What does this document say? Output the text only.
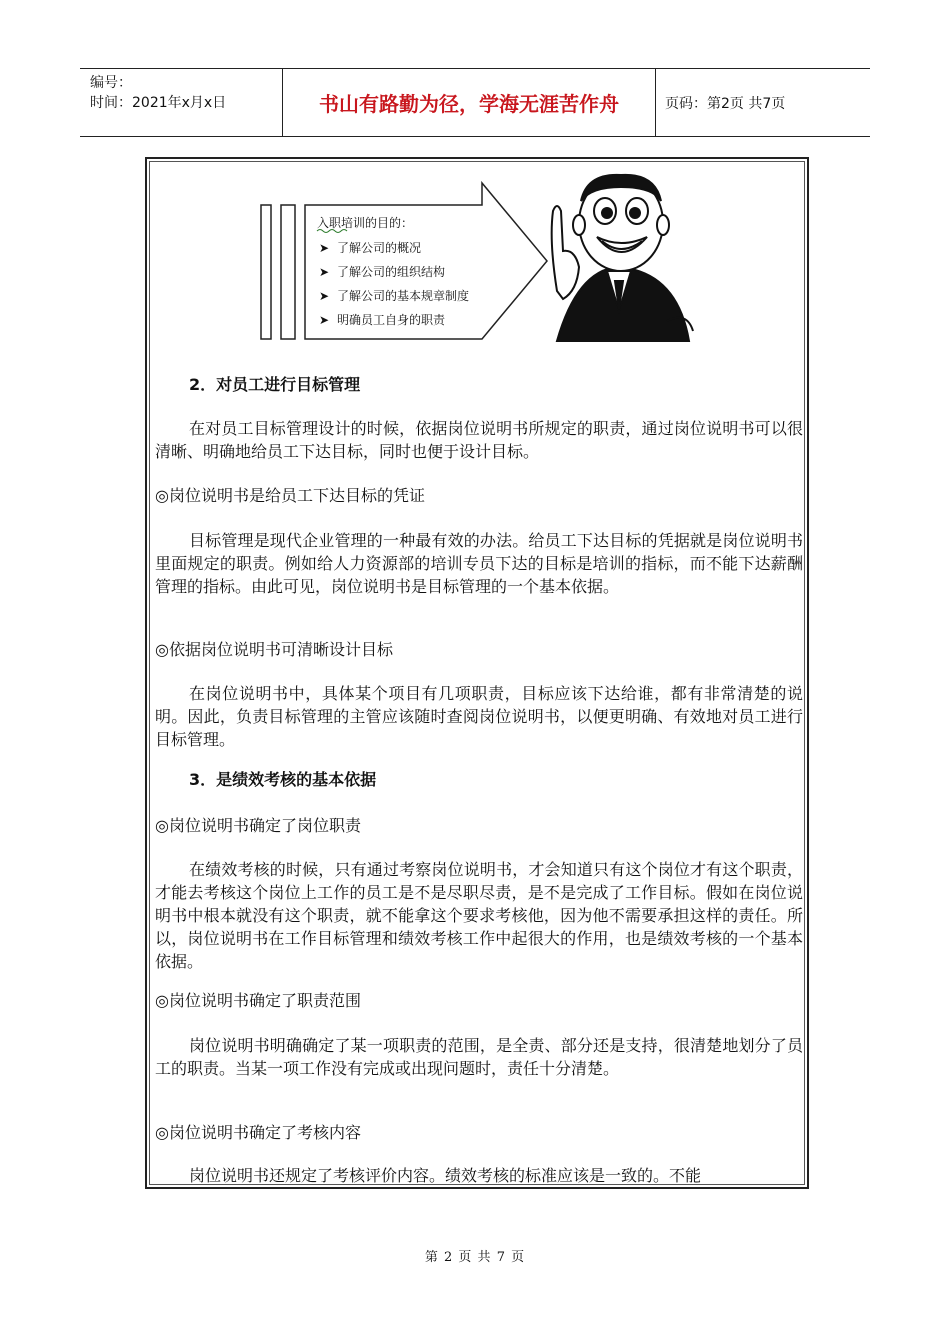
编号：
时间：2021年x月x日	书山有路勤为径，学海无涯苦作舟	页码：第2页 共7页
入职培训的目的：
➤ 了解公司的概况
➤ 了解公司的组织结构
➤ 了解公司的基本规章制度
➤ 明确员工自身的职责
2．对员工进行目标管理
在对员工目标管理设计的时候，依据岗位说明书所规定的职责，通过岗位说明书可以很清晰、明确地给员工下达目标，同时也便于设计目标。
◎岗位说明书是给员工下达目标的凭证
目标管理是现代企业管理的一种最有效的办法。给员工下达目标的凭据就是岗位说明书里面规定的职责。例如给人力资源部的培训专员下达的目标是培训的指标，而不能下达薪酬管理的指标。由此可见，岗位说明书是目标管理的一个基本依据。
◎依据岗位说明书可清晰设计目标
在岗位说明书中，具体某个项目有几项职责，目标应该下达给谁，都有非常清楚的说明。因此，负责目标管理的主管应该随时查阅岗位说明书，以便更明确、有效地对员工进行目标管理。
3．是绩效考核的基本依据
◎岗位说明书确定了岗位职责
在绩效考核的时候，只有通过考察岗位说明书，才会知道只有这个岗位才有这个职责，才能去考核这个岗位上工作的员工是不是尽职尽责，是不是完成了工作目标。假如在岗位说明书中根本就没有这个职责，就不能拿这个要求考核他，因为他不需要承担这样的责任。所以，岗位说明书在工作目标管理和绩效考核工作中起很大的作用，也是绩效考核的一个基本依据。
◎岗位说明书确定了职责范围
岗位说明书明确确定了某一项职责的范围，是全责、部分还是支持，很清楚地划分了员工的职责。当某一项工作没有完成或出现问题时，责任十分清楚。
◎岗位说明书确定了考核内容
岗位说明书还规定了考核评价内容。绩效考核的标准应该是一致的。不能
第 2 页 共 7 页
